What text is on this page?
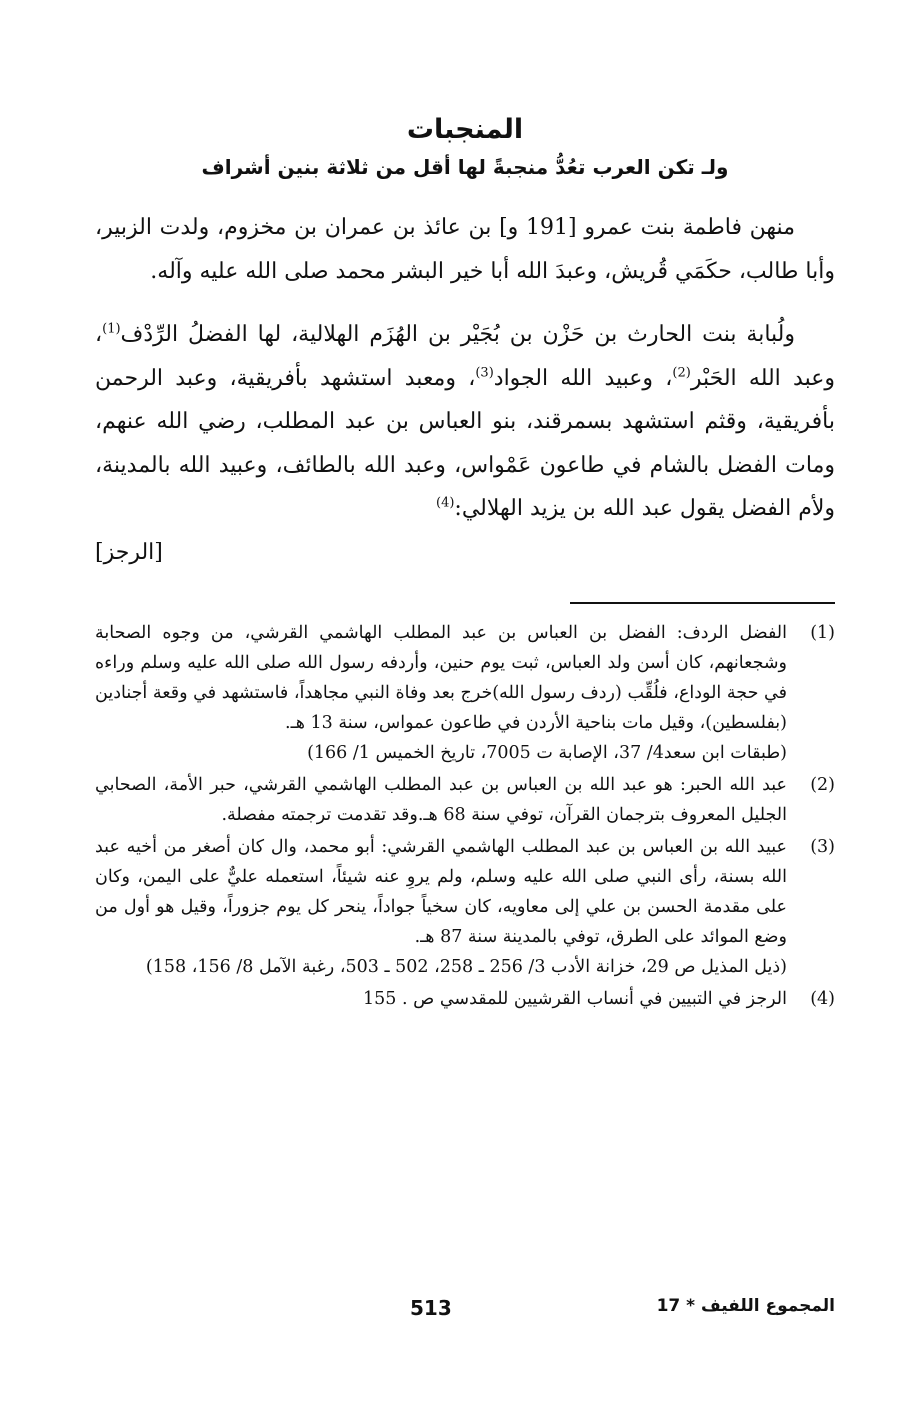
المنجبات
ولـ تكن العرب تعُدُّ منجبةً لها أقل من ثلاثة بنين أشراف

منهن فاطمة بنت عمرو [191 و] بن عائذ بن عمران بن مخزوم، ولدت الزبير، وأبا طالب، حكَمَي قُريش، وعبدَ الله أبا خير البشر محمد صلى الله عليه وآله.

ولُبابة بنت الحارث بن حَزْن بن بُجَيْر بن الهُزَم الهلالية، لها الفضلُ الرِّدْف$^{(1)}$، وعبد الله الحَبْر$^{(2)}$، وعبيد الله الجواد$^{(3)}$، ومعبد استشهد بأفريقية، وعبد الرحمن بأفريقية، وقثم استشهد بسمرقند، بنو العباس بن عبد المطلب، رضي الله عنهم، ومات الفضل بالشام في طاعون عَمْواس، وعبد الله بالطائف، وعبيد الله بالمدينة، ولأم الفضل يقول عبد الله بن يزيد الهلالي:$^{(4)}$

[الرجز]
(1)

الفضل الردف: الفضل بن العباس بن عبد المطلب الهاشمي القرشي، من وجوه الصحابة وشجعانهم، كان أسن ولد العباس، ثبت يوم حنين، وأردفه رسول الله صلى الله عليه وسلم وراءه في حجة الوداع، فلُقِّب (ردف رسول الله)خرج بعد وفاة النبي مجاهداً، فاستشهد في وقعة أجنادين (بفلسطين)، وقيل مات بناحية الأردن في طاعون عمواس، سنة 13 هـ.

(طبقات ابن سعد4/ 37، الإصابة ت 7005، تاريخ الخميس 1/ 166)

(2)

عبد الله الحبر: هو عبد الله بن العباس بن عبد المطلب الهاشمي القرشي، حبر الأمة، الصحابي الجليل المعروف بترجمان القرآن، توفي سنة 68 هـ.وقد تقدمت ترجمته مفصلة.

(3)

عبيد الله بن العباس بن عبد المطلب الهاشمي القرشي: أبو محمد، وال كان أصغر من أخيه عبد الله بسنة، رأى النبي صلى الله عليه وسلم، ولم يروِ عنه شيئاً، استعمله عليٌّ على اليمن، وكان على مقدمة الحسن بن علي إلى معاويه، كان سخياً جواداً، ينحر كل يوم جزوراً، وقيل هو أول من وضع الموائد على الطرق، توفي بالمدينة سنة 87 هـ.

(ذيل المذيل ص 29، خزانة الأدب 3/ 256 ـ 258، 502 ـ 503، رغبة الآمل 8/ 156، 158)

(4)

الرجز في التبيين في أنساب القرشيين للمقدسي ص . 155

513	المجموع اللفيف * 17
